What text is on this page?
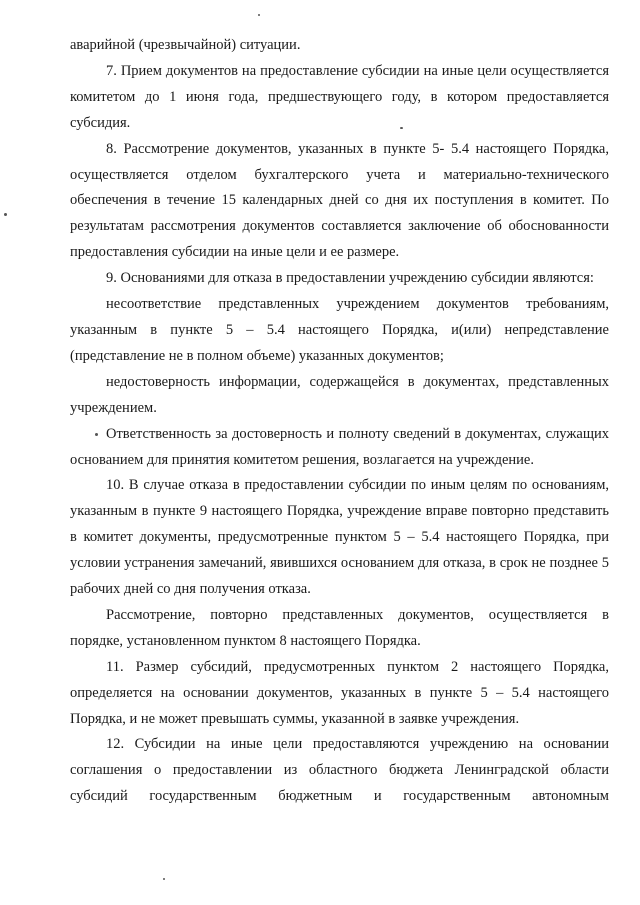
аварийной (чрезвычайной) ситуации.

7. Прием документов на предоставление субсидии на иные цели осуществляется комитетом до 1 июня года, предшествующего году, в котором предоставляется субсидия.

8. Рассмотрение документов, указанных в пункте 5- 5.4 настоящего Порядка, осуществляется отделом бухгалтерского учета и материально-технического обеспечения в течение 15 календарных дней со дня их поступления в комитет. По результатам рассмотрения документов составляется заключение об обоснованности предоставления субсидии на иные цели и ее размере.

9. Основаниями для отказа в предоставлении учреждению субсидии являются:

несоответствие представленных учреждением документов требованиям, указанным в пункте 5 – 5.4 настоящего Порядка, и(или) непредставление (представление не в полном объеме) указанных документов;

недостоверность информации, содержащейся в документах, представленных учреждением.

Ответственность за достоверность и полноту сведений в документах, служащих основанием для принятия комитетом решения, возлагается на учреждение.

10. В случае отказа в предоставлении субсидии по иным целям по основаниям, указанным в пункте 9 настоящего Порядка, учреждение вправе повторно представить в комитет документы, предусмотренные пунктом 5 – 5.4 настоящего Порядка, при условии устранения замечаний, явившихся основанием для отказа, в срок не позднее 5 рабочих дней со дня получения отказа.

Рассмотрение, повторно представленных документов, осуществляется в порядке, установленном пунктом 8 настоящего Порядка.

11. Размер субсидий, предусмотренных пунктом 2 настоящего Порядка, определяется на основании документов, указанных в пункте 5 – 5.4 настоящего Порядка, и не может превышать суммы, указанной в заявке учреждения.

12. Субсидии на иные цели предоставляются учреждению на основании соглашения о предоставлении из областного бюджета Ленинградской области субсидий государственным бюджетным и государственным автономным
